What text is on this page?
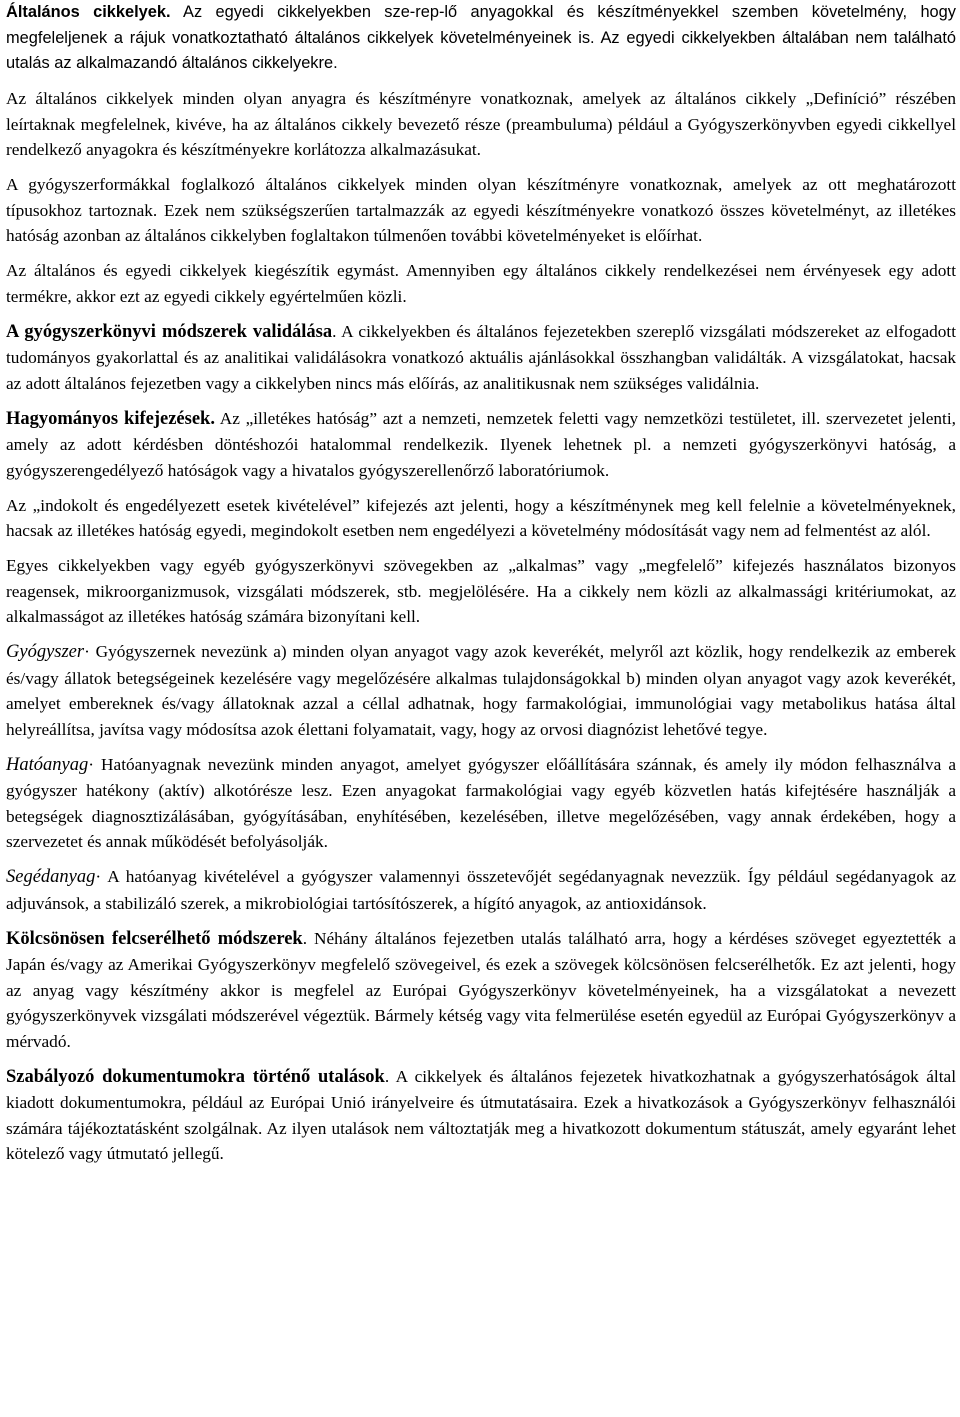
Általános cikkelyek. Az egyedi cikkelyekben sze-rep-lő anyagokkal és készítményekkel szemben követelmény, hogy megfeleljenek a rájuk vonatkoztatható általános cikkelyek követelményeinek is. Az egyedi cikkelyekben általában nem található utalás az alkalmazandó általános cikkelyekre.

Az általános cikkelyek minden olyan anyagra és készítményre vonatkoznak, amelyek az általános cikkely „Definíció” részében leírtaknak megfelelnek, kivéve, ha az általános cikkely bevezető része (preambuluma) például a Gyógyszerkönyvben egyedi cikkellyel rendelkező anyagokra és készítményekre korlátozza alkalmazásukat.

A gyógyszerformákkal foglalkozó általános cikkelyek minden olyan készítményre vonatkoznak, amelyek az ott meghatározott típusokhoz tartoznak. Ezek nem szükségszerűen tartalmazzák az egyedi készítményekre vonatkozó összes követelményt, az illetékes hatóság azonban az általános cikkelyben foglaltakon túlmenően további követelményeket is előírhat.

Az általános és egyedi cikkelyek kiegészítik egymást. Amennyiben egy általános cikkely rendelkezései nem érvényesek egy adott termékre, akkor ezt az egyedi cikkely egyértelműen közli.

A gyógyszerkönyvi módszerek validálása. A cikkelyekben és általános fejezetekben szereplő vizsgálati módszereket az elfogadott tudományos gyakorlattal és az analitikai validálásokra vonatkozó aktuális ajánlásokkal összhangban validálták. A vizsgálatokat, hacsak az adott általános fejezetben vagy a cikkelyben nincs más előírás, az analitikusnak nem szükséges validálnia.

Hagyományos kifejezések. Az „illetékes hatóság” azt a nemzeti, nemzetek feletti vagy nemzetközi testületet, ill. szervezetet jelenti, amely az adott kérdésben döntéshozói hatalommal rendelkezik. Ilyenek lehetnek pl. a nemzeti gyógyszerkönyvi hatóság, a gyógyszerengedélyező hatóságok vagy a hivatalos gyógyszerellenőrző laboratóriumok.

Az „indokolt és engedélyezett esetek kivételével” kifejezés azt jelenti, hogy a készítménynek meg kell felelnie a követelményeknek, hacsak az illetékes hatóság egyedi, megindokolt esetben nem engedélyezi a követelmény módosítását vagy nem ad felmentést az alól.

Egyes cikkelyekben vagy egyéb gyógyszerkönyvi szövegekben az „alkalmas” vagy „megfelelő” kifejezés használatos bizonyos reagensek, mikroorganizmusok, vizsgálati módszerek, stb. megjelölésére. Ha a cikkely nem közli az alkalmassági kritériumokat, az alkalmasságot az illetékes hatóság számára bizonyítani kell.

Gyógyszer· Gyógyszernek nevezünk a) minden olyan anyagot vagy azok keverékét, melyről azt közlik, hogy rendelkezik az emberek és/vagy állatok betegségeinek kezelésére vagy megelőzésére alkalmas tulajdonságokkal b) minden olyan anyagot vagy azok keverékét, amelyet embereknek és/vagy állatoknak azzal a céllal adhatnak, hogy farmakológiai, immunológiai vagy metabolikus hatása által helyreállítsa, javítsa vagy módosítsa azok élettani folyamatait, vagy, hogy az orvosi diagnózist lehetővé tegye.

Hatóanyag· Hatóanyagnak nevezünk minden anyagot, amelyet gyógyszer előállítására szánnak, és amely ily módon felhasználva a gyógyszer hatékony (aktív) alkotórésze lesz. Ezen anyagokat farmakológiai vagy egyéb közvetlen hatás kifejtésére használják a betegségek diagnosztizálásában, gyógyításában, enyhítésében, kezelésében, illetve megelőzésében, vagy annak érdekében, hogy a szervezetet és annak működését befolyásolják.

Segédanyag· A hatóanyag kivételével a gyógyszer valamennyi összetevőjét segédanyagnak nevezzük. Így például segédanyagok az adjuvánsok, a stabilizáló szerek, a mikrobiológiai tartósítószerek, a hígító anyagok, az antioxidánsok.

Kölcsönösen felcserélhető módszerek. Néhány általános fejezetben utalás található arra, hogy a kérdéses szöveget egyeztették a Japán és/vagy az Amerikai Gyógyszerkönyv megfelelő szövegeivel, és ezek a szövegek kölcsönösen felcserélhetők. Ez azt jelenti, hogy az anyag vagy készítmény akkor is megfelel az Európai Gyógyszerkönyv követelményeinek, ha a vizsgálatokat a nevezett gyógyszerkönyvek vizsgálati módszerével végeztük. Bármely kétség vagy vita felmerülése esetén egyedül az Európai Gyógyszerkönyv a mérvadó.

Szabályozó dokumentumokra történő utalások. A cikkelyek és általános fejezetek hivatkozhatnak a gyógyszerhatóságok által kiadott dokumentumokra, például az Európai Unió irányelveire és útmutatásaira. Ezek a hivatkozások a Gyógyszerkönyv felhasználói számára tájékoztatásként szolgálnak. Az ilyen utalások nem változtatják meg a hivatkozott dokumentum státuszát, amely egyaránt lehet kötelező vagy útmutató jellegű.
